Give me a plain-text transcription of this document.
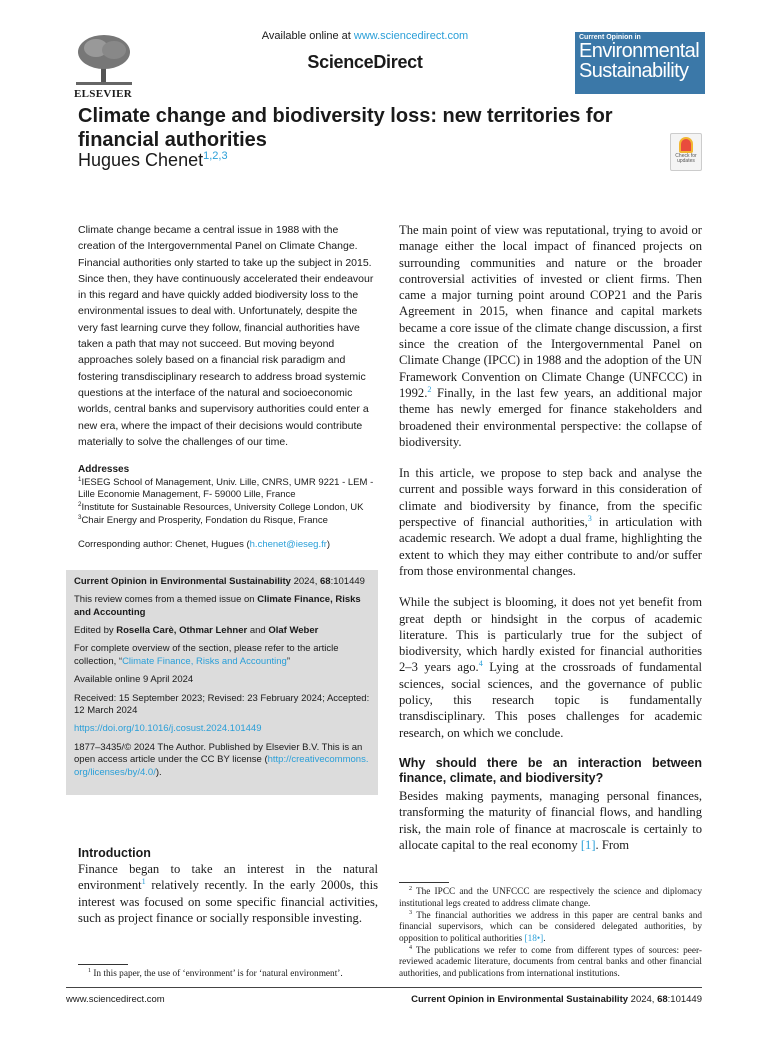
ELSEVIER
Available online at www.sciencedirect.com
ScienceDirect
Current Opinion in
Environmental
Sustainability
Climate change and biodiversity loss: new territories for financial authorities
Hugues Chenet$^{1,2,3}$	Check for updates
Climate change became a central issue in 1988 with the creation of the Intergovernmental Panel on Climate Change. Financial authorities only started to take up the subject in 2015. Since then, they have continuously accelerated their endeavour in this regard and have quickly added biodiversity loss to the environmental issues to deal with. Unfortunately, despite the very fast learning curve they follow, financial authorities have taken a path that may not succeed. But moving beyond approaches solely based on a financial risk paradigm and fostering transdisciplinary research to address broad systemic questions at the interface of the natural and socioeconomic worlds, central banks and supervisory authorities could enter a new era, where the impact of their decisions would contribute materially to solve the challenges of our time.
Addresses
$^1$IESEG School of Management, Univ. Lille, CNRS, UMR 9221 - LEM - Lille Economie Management, F- 59000 Lille, France
$^2$Institute for Sustainable Resources, University College London, UK
$^3$Chair Energy and Prosperity, Fondation du Risque, France
Corresponding author: Chenet, Hugues (h.chenet@ieseg.fr)

Current Opinion in Environmental Sustainability 2024, 68:101449

This review comes from a themed issue on Climate Finance, Risks and Accounting

Edited by Rosella Carè, Othmar Lehner and Olaf Weber

For complete overview of the section, please refer to the article collection, “Climate Finance, Risks and Accounting”

Available online 9 April 2024

Received: 15 September 2023; Revised: 23 February 2024; Accepted: 12 March 2024

https://doi.org/10.1016/j.cosust.2024.101449

1877–3435/© 2024 The Author. Published by Elsevier B.V. This is an open access article under the CC BY license (http://creativecommons.org/licenses/by/4.0/).

Introduction
Finance began to take an interest in the natural environment$^1$ relatively recently. In the early 2000s, this interest was focused on some specific financial activities, such as project finance or socially responsible investing.

$^1$ In this paper, the use of ‘environment’ is for ‘natural environment’.

The main point of view was reputational, trying to avoid or manage either the local impact of financed projects on surrounding communities and nature or the broader controversial activities of invested or client firms. Then came a major turning point around COP21 and the Paris Agreement in 2015, when finance and capital markets became a core issue of the climate change discussion, a first since the creation of the Intergovernmental Panel on Climate Change (IPCC) in 1988 and the adoption of the UN Framework Convention on Climate Change (UNFCCC) in 1992.$^2$ Finally, in the last few years, an additional major theme has newly emerged for finance stakeholders and broadened their environmental perspective: the collapse of biodiversity.

In this article, we propose to step back and analyse the current and possible ways forward in this consideration of climate and biodiversity by finance, from the specific perspective of financial authorities,$^3$ in articulation with academic research. We adopt a dual frame, highlighting the extent to which they may either contribute to and/or suffer from those environmental changes.

While the subject is blooming, it does not yet benefit from great depth or hindsight in the corpus of academic literature. This is particularly true for the subject of biodiversity, which hardly existed for financial authorities 2–3 years ago.$^4$ Lying at the crossroads of fundamental sciences, social sciences, and the governance of public policy, this research topic is fundamentally transdisciplinary. This poses challenges for academic research, on which we conclude.

Why should there be an interaction between finance, climate, and biodiversity?

Besides making payments, managing personal finances, transforming the maturity of financial flows, and handling risk, the main role of finance at macroscale is certainly to allocate capital to the real economy [1]. From

$^2$ The IPCC and the UNFCCC are respectively the science and diplomacy institutional legs created to address climate change.

$^3$ The financial authorities we address in this paper are central banks and financial supervisors, which can be considered delegated authorities, by opposition to political authorities [18•].

$^4$ The publications we refer to come from different types of sources: peer-reviewed academic literature, documents from central banks and other financial authorities, and publications from international institutions.

www.sciencedirect.com	Current Opinion in Environmental Sustainability 2024, 68:101449
